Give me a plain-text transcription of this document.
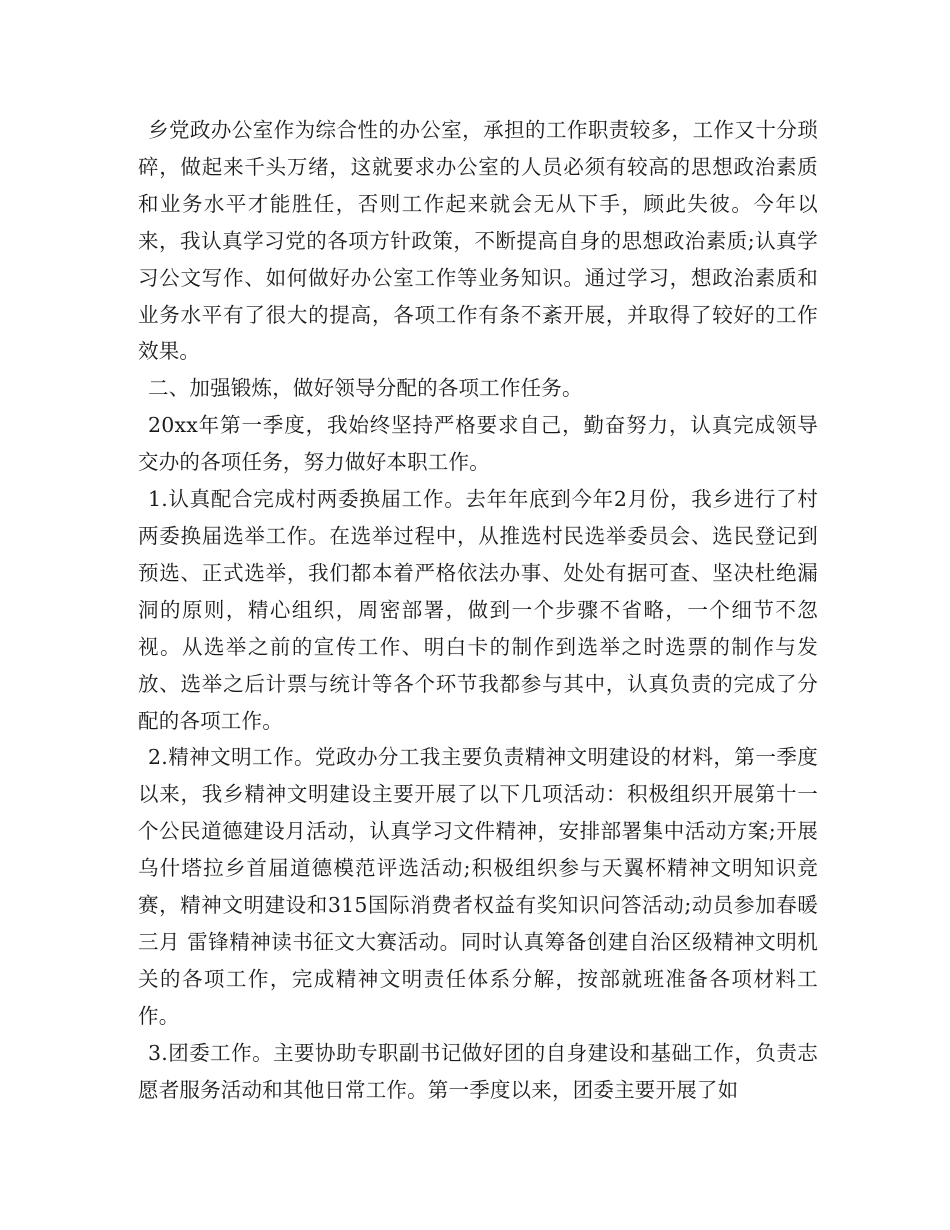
乡党政办公室作为综合性的办公室，承担的工作职责较多，工作又十分琐碎，做起来千头万绪，这就要求办公室的人员必须有较高的思想政治素质和业务水平才能胜任，否则工作起来就会无从下手，顾此失彼。今年以来，我认真学习党的各项方针政策，不断提高自身的思想政治素质;认真学习公文写作、如何做好办公室工作等业务知识。通过学习，想政治素质和业务水平有了很大的提高，各项工作有条不紊开展，并取得了较好的工作效果。

二、加强锻炼，做好领导分配的各项工作任务。

20xx年第一季度，我始终坚持严格要求自己，勤奋努力，认真完成领导交办的各项任务，努力做好本职工作。

1.认真配合完成村两委换届工作。去年年底到今年2月份，我乡进行了村两委换届选举工作。在选举过程中，从推选村民选举委员会、选民登记到预选、正式选举，我们都本着严格依法办事、处处有据可查、坚决杜绝漏洞的原则，精心组织，周密部署，做到一个步骤不省略，一个细节不忽视。从选举之前的宣传工作、明白卡的制作到选举之时选票的制作与发放、选举之后计票与统计等各个环节我都参与其中，认真负责的完成了分配的各项工作。

2.精神文明工作。党政办分工我主要负责精神文明建设的材料，第一季度以来，我乡精神文明建设主要开展了以下几项活动：积极组织开展第十一个公民道德建设月活动，认真学习文件精神，安排部署集中活动方案;开展乌什塔拉乡首届道德模范评选活动;积极组织参与天翼杯精神文明知识竞赛，精神文明建设和315国际消费者权益有奖知识问答活动;动员参加春暖三月 雷锋精神读书征文大赛活动。同时认真筹备创建自治区级精神文明机关的各项工作，完成精神文明责任体系分解，按部就班准备各项材料工作。

3.团委工作。主要协助专职副书记做好团的自身建设和基础工作，负责志愿者服务活动和其他日常工作。第一季度以来，团委主要开展了如
